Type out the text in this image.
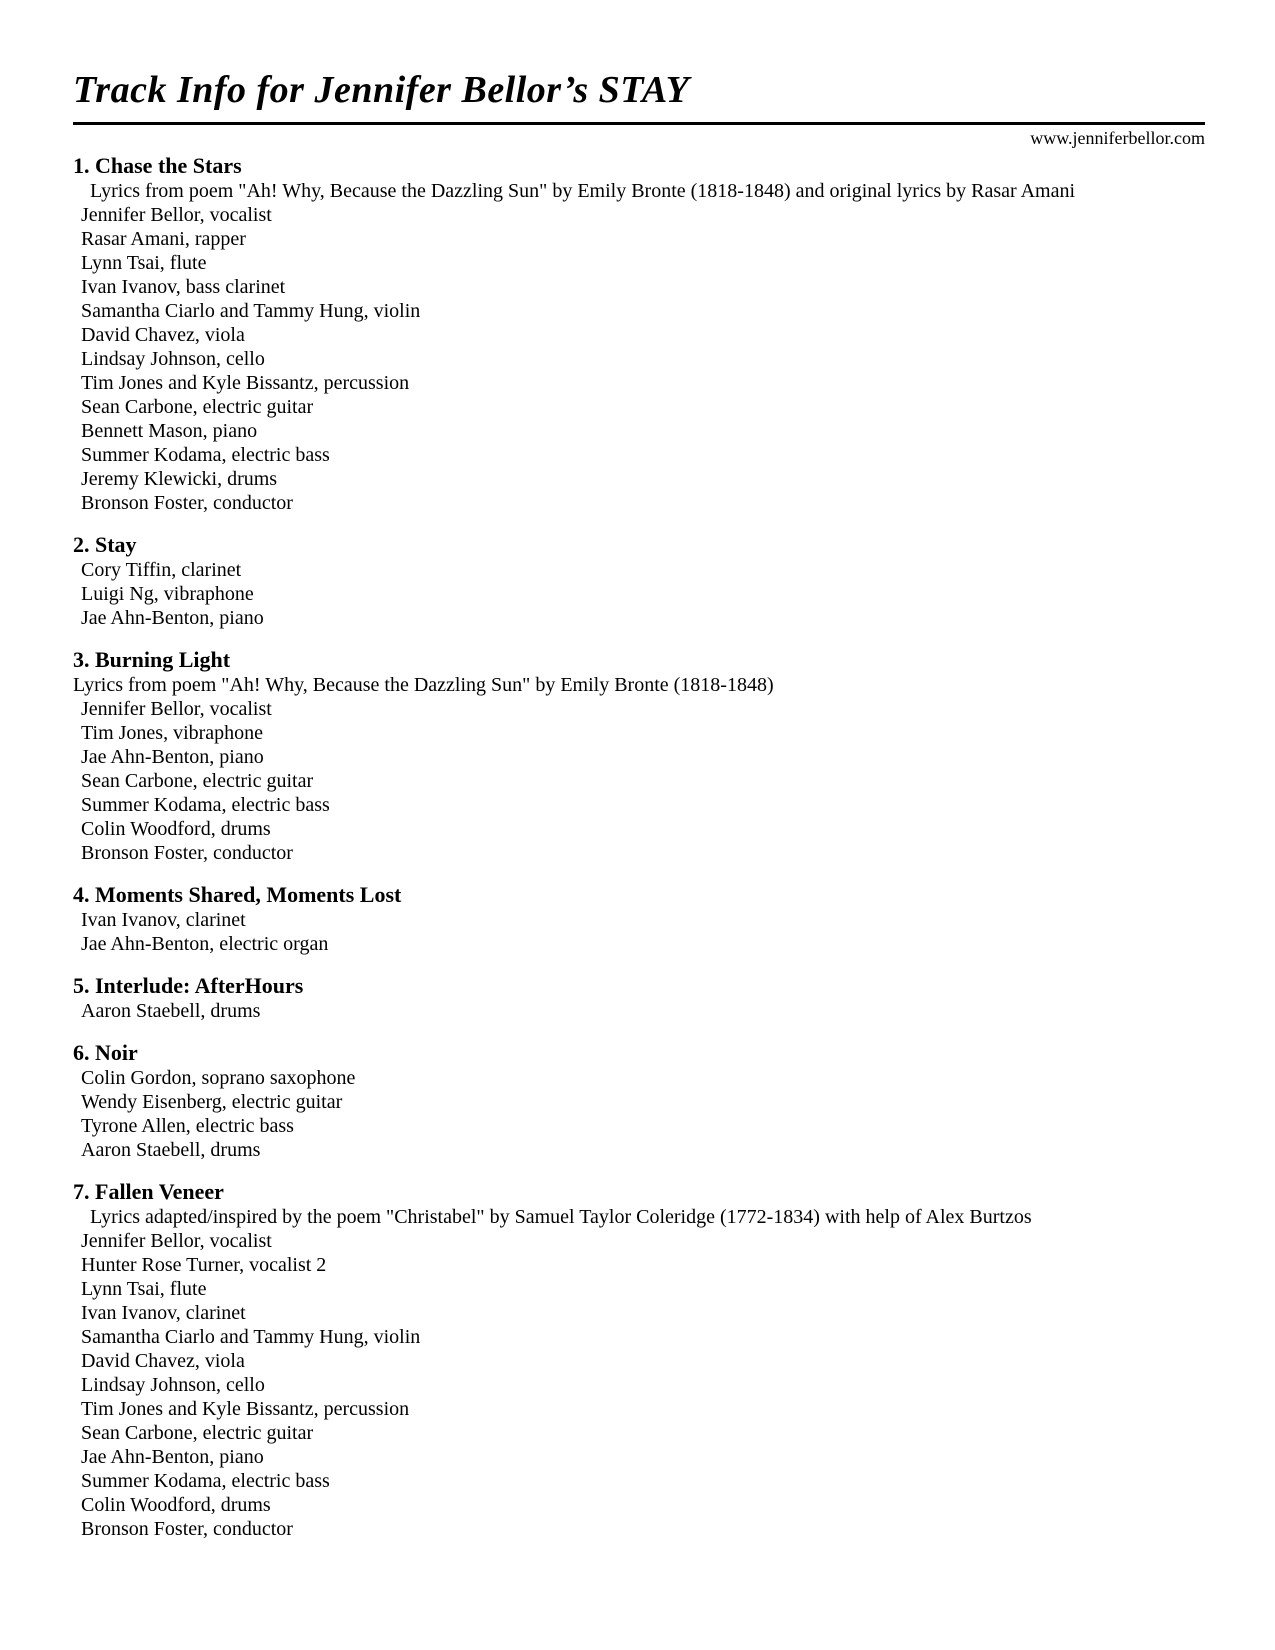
Track Info for Jennifer Bellor’s STAY
www.jenniferbellor.com
1. Chase the Stars

Lyrics from poem "Ah! Why, Because the Dazzling Sun" by Emily Bronte (1818-1848) and original lyrics by Rasar Amani

Jennifer Bellor, vocalist

Rasar Amani, rapper

Lynn Tsai, flute

Ivan Ivanov, bass clarinet

Samantha Ciarlo and Tammy Hung, violin

David Chavez, viola

Lindsay Johnson, cello

Tim Jones and Kyle Bissantz, percussion

Sean Carbone, electric guitar

Bennett Mason, piano

Summer Kodama, electric bass

Jeremy Klewicki, drums

Bronson Foster, conductor

2. Stay

Cory Tiffin, clarinet

Luigi Ng, vibraphone

Jae Ahn-Benton, piano

3. Burning Light

Lyrics from poem "Ah! Why, Because the Dazzling Sun" by Emily Bronte (1818-1848)

Jennifer Bellor, vocalist

Tim Jones, vibraphone

Jae Ahn-Benton, piano

Sean Carbone, electric guitar

Summer Kodama, electric bass

Colin Woodford, drums

Bronson Foster, conductor

4. Moments Shared, Moments Lost

Ivan Ivanov, clarinet

Jae Ahn-Benton, electric organ

5. Interlude: AfterHours

Aaron Staebell, drums

6. Noir

Colin Gordon, soprano saxophone

Wendy Eisenberg, electric guitar

Tyrone Allen, electric bass

Aaron Staebell, drums

7. Fallen Veneer

Lyrics adapted/inspired by the poem "Christabel" by Samuel Taylor Coleridge (1772-1834) with help of Alex Burtzos

Jennifer Bellor, vocalist

Hunter Rose Turner, vocalist 2

Lynn Tsai, flute

Ivan Ivanov, clarinet

Samantha Ciarlo and Tammy Hung, violin

David Chavez, viola

Lindsay Johnson, cello

Tim Jones and Kyle Bissantz, percussion

Sean Carbone, electric guitar

Jae Ahn-Benton, piano

Summer Kodama, electric bass

Colin Woodford, drums

Bronson Foster, conductor
